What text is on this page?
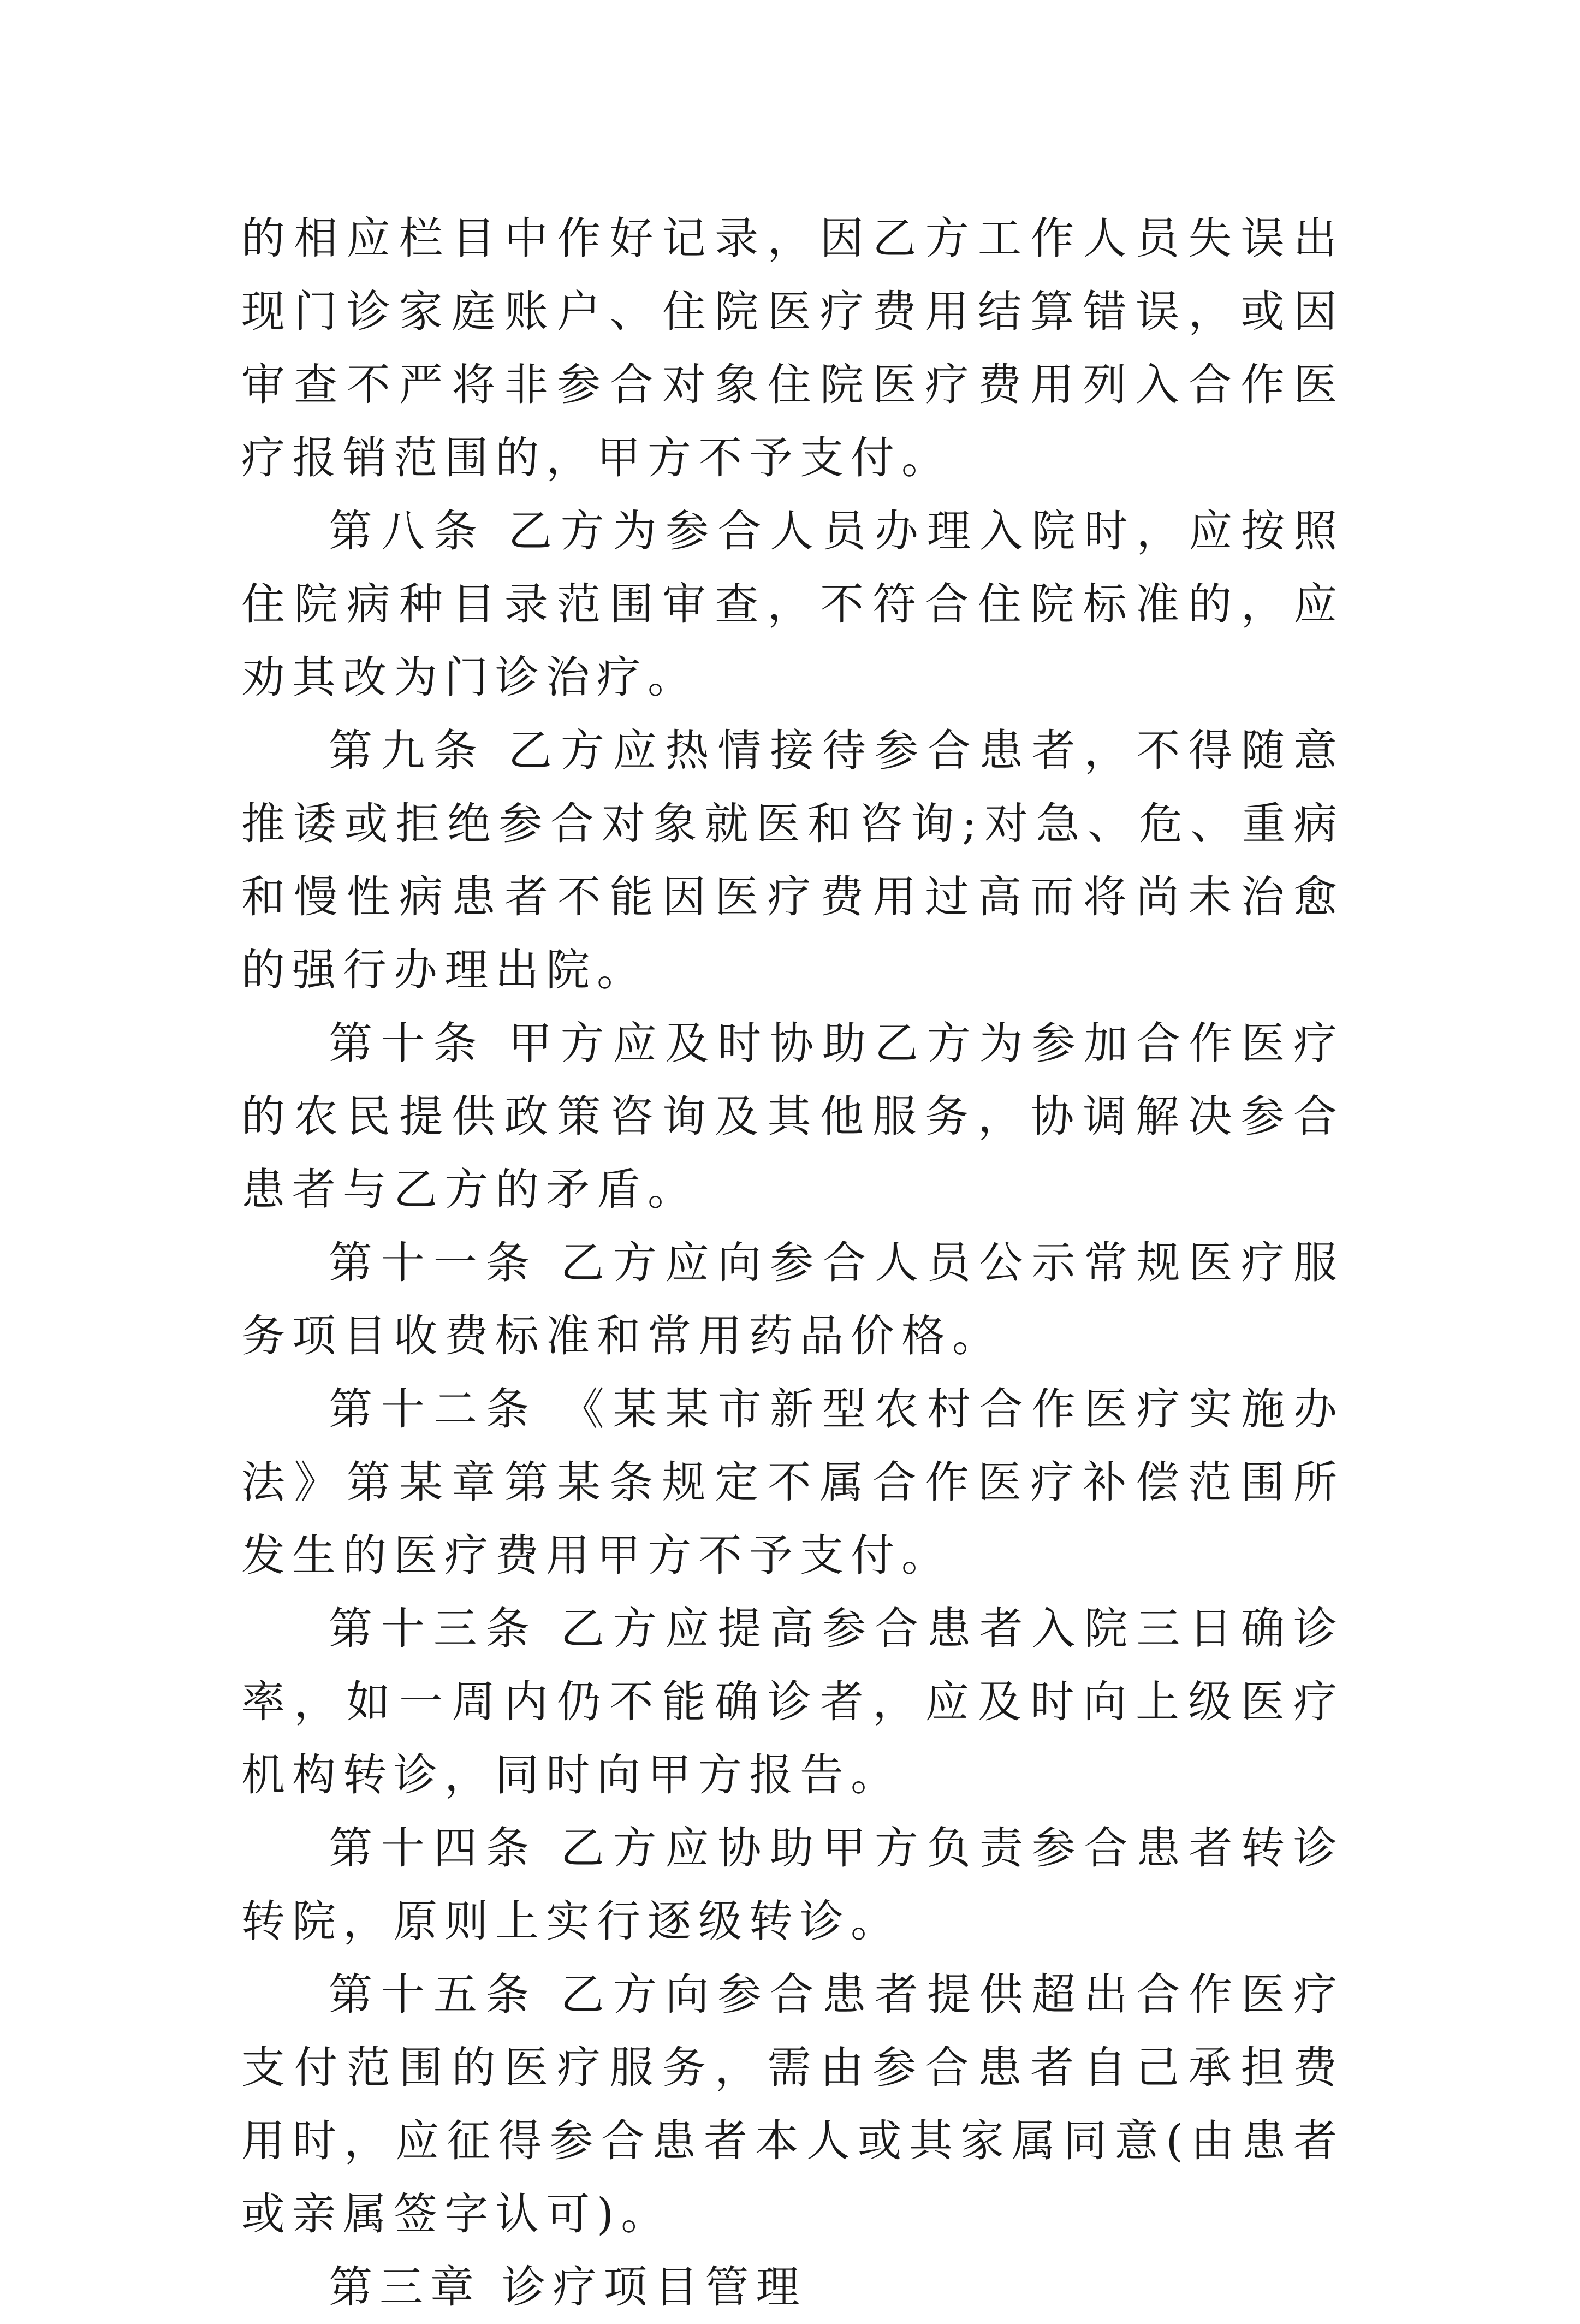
的相应栏目中作好记录，因乙方工作人员失误出现门诊家庭账户、住院医疗费用结算错误，或因审查不严将非参合对象住院医疗费用列入合作医疗报销范围的，甲方不予支付。

第八条 乙方为参合人员办理入院时，应按照住院病种目录范围审查，不符合住院标准的，应劝其改为门诊治疗。

第九条 乙方应热情接待参合患者，不得随意推诿或拒绝参合对象就医和咨询;对急、危、重病和慢性病患者不能因医疗费用过高而将尚未治愈的强行办理出院。

第十条 甲方应及时协助乙方为参加合作医疗的农民提供政策咨询及其他服务，协调解决参合患者与乙方的矛盾。

第十一条 乙方应向参合人员公示常规医疗服务项目收费标准和常用药品价格。

第十二条 《某某市新型农村合作医疗实施办法》第某章第某条规定不属合作医疗补偿范围所发生的医疗费用甲方不予支付。

第十三条 乙方应提高参合患者入院三日确诊率，如一周内仍不能确诊者，应及时向上级医疗机构转诊，同时向甲方报告。

第十四条 乙方应协助甲方负责参合患者转诊转院，原则上实行逐级转诊。

第十五条 乙方向参合患者提供超出合作医疗支付范围的医疗服务，需由参合患者自己承担费用时，应征得参合患者本人或其家属同意(由患者或亲属签字认可)。

第三章 诊疗项目管理
